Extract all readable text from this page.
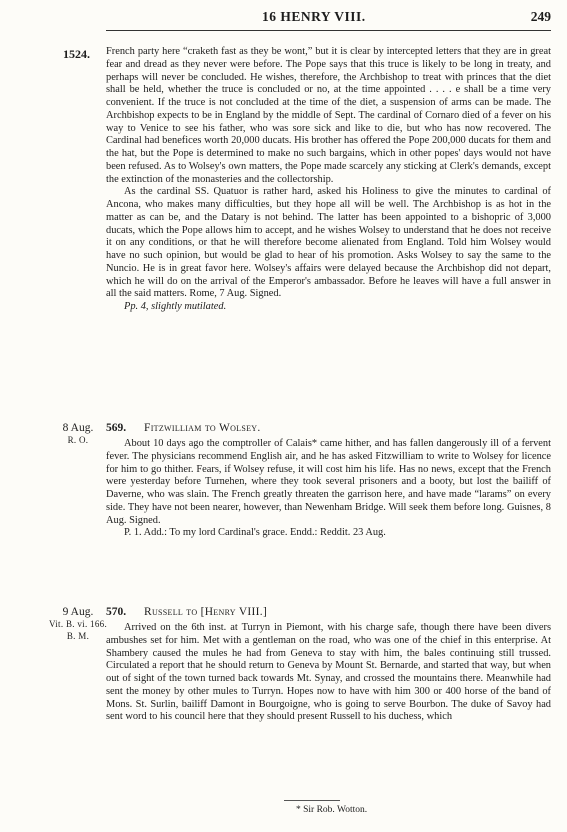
16 HENRY VIII.	249
1524. French party here “craketh fast as they be wont,” but it is clear by intercepted letters that they are in great fear and dread as they never were before. The Pope says that this truce is likely to be long in treaty, and perhaps will never be concluded. He wishes, therefore, the Archbishop to treat with princes that the diet shall be held, whether the truce is concluded or no, at the time appointed . . . . e shall be a time very convenient. If the truce is not concluded at the time of the diet, a suspension of arms can be made. The Archbishop expects to be in England by the middle of Sept. The cardinal of Cornaro died of a fever on his way to Venice to see his father, who was sore sick and like to die, but who has now recovered. The Cardinal had benefices worth 20,000 ducats. His brother has offered the Pope 200,000 ducats for them and the hat, but the Pope is determined to make no such bargains, which in other popes' days would not have been refused. As to Wolsey's own matters, the Pope made scarcely any sticking at Clerk's demands, except the extinction of the monasteries and the collectorship.

As the cardinal SS. Quatuor is rather hard, asked his Holiness to give the minutes to cardinal of Ancona, who makes many difficulties, but they hope all will be well. The Archbishop is as hot in the matter as can be, and the Datary is not behind. The latter has been appointed to a bishopric of 3,000 ducats, which the Pope allows him to accept, and he wishes Wolsey to understand that he does not receive it on any conditions, or that he will therefore become alienated from England. Told him Wolsey would have no such opinion, but would be glad to hear of his promotion. Asks Wolsey to say the same to the Nuncio. He is in great favor here. Wolsey's affairs were delayed because the Archbishop did not depart, which he will do on the arrival of the Emperor's ambassador. Before he leaves will have a full answer in all the said matters. Rome, 7 Aug. Signed.

Pp. 4, slightly mutilated.

8 Aug.
R. O.
569. Fitzwilliam to Wolsey.

About 10 days ago the comptroller of Calais* came hither, and has fallen dangerously ill of a fervent fever. The physicians recommend English air, and he has asked Fitzwilliam to write to Wolsey for licence for him to go thither. Fears, if Wolsey refuse, it will cost him his life. Has no news, except that the French were yesterday before Turnehen, where they took several prisoners and a booty, but lost the bailiff of Daverne, who was slain. The French greatly threaten the garrison here, and have made “larams” on every side. They have not been nearer, however, than Newenham Bridge. Will seek them before long. Guisnes, 8 Aug. Signed.

P. 1. Add.: To my lord Cardinal's grace. Endd.: Reddit. 23 Aug.

9 Aug.
Vit. B. vi. 166.
B. M.
570. Russell to [Henry VIII.]

Arrived on the 6th inst. at Turryn in Piemont, with his charge safe, though there have been divers ambushes set for him. Met with a gentleman on the road, who was one of the chief in this enterprise. At Shambery caused the mules he had from Geneva to stay with him, the bales continuing still trussed. Circulated a report that he should return to Geneva by Mount St. Bernarde, and started that way, but when out of sight of the town turned back towards Mt. Synay, and crossed the mountains there. Meanwhile had sent the money by other mules to Turryn. Hopes now to have with him 300 or 400 horse of the band of Mons. St. Surlin, bailiff Damont in Bourgoigne, who is going to serve Bourbon. The duke of Savoy had sent word to his council here that they should present Russell to his duchess, which

* Sir Rob. Wotton.
